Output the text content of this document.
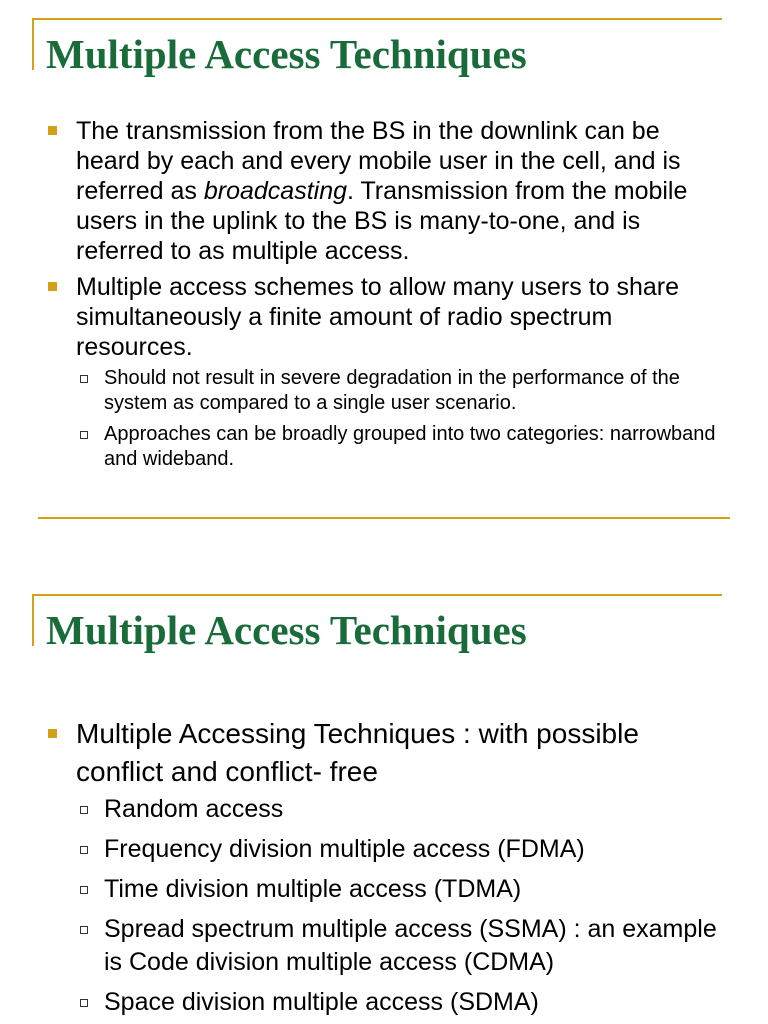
Multiple Access Techniques
The transmission from the BS in the downlink can be heard by each and every mobile user in the cell, and is referred as broadcasting. Transmission from the mobile users in the uplink to the BS is many-to-one, and is referred to as multiple access.
Multiple access schemes to allow many users to share simultaneously a finite amount of radio spectrum resources.
Should not result in severe degradation in the performance of the system as compared to a single user scenario.
Approaches can be broadly grouped into two categories: narrowband and wideband.
Multiple Access Techniques
Multiple Accessing Techniques : with possible conflict and conflict- free
Random access
Frequency division multiple access (FDMA)
Time division multiple access (TDMA)
Spread spectrum multiple access (SSMA) : an example is Code division multiple access (CDMA)
Space division multiple access (SDMA)
